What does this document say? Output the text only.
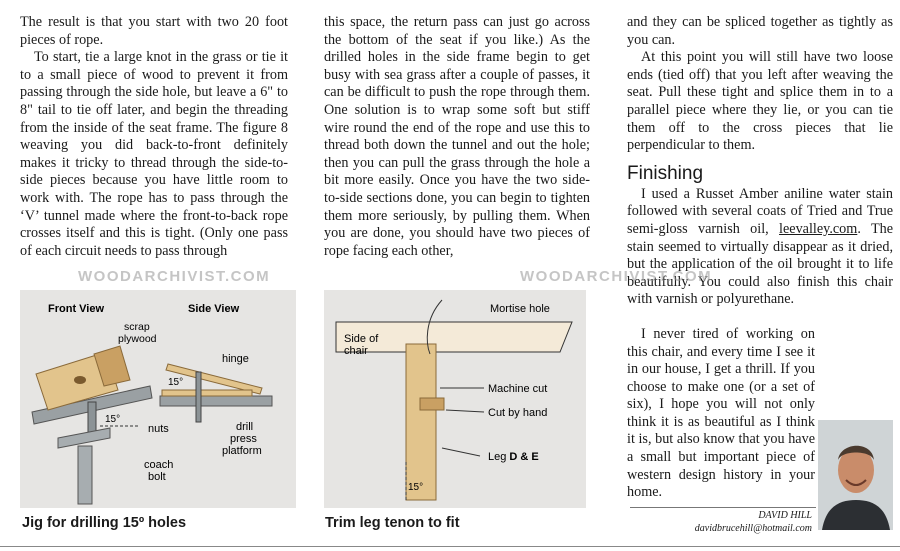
The result is that you start with two 20 foot pieces of rope.

To start, tie a large knot in the grass or tie it to a small piece of wood to prevent it from passing through the side hole, but leave a 6" to 8" tail to tie off later, and begin the threading from the inside of the seat frame. The figure 8 weaving you did back-to-front definitely makes it tricky to thread through the side-to-side pieces because you have little room to work with. The rope has to pass through the ‘V’ tunnel made where the front-to-back rope crosses itself and this is tight. (Only one pass of each circuit needs to pass through

this space, the return pass can just go across the bottom of the seat if you like.) As the drilled holes in the side frame begin to get busy with sea grass after a couple of passes, it can be difficult to push the rope through them. One solution is to wrap some soft but stiff wire round the end of the rope and use this to thread both down the tunnel and out the hole; then you can pull the grass through the hole a bit more easily. Once you have the two side-to-side sections done, you can begin to tighten them more seriously, by pulling them. When you are done, you should have two pieces of rope facing each other,

and they can be spliced together as tightly as you can.

At this point you will still have two loose ends (tied off) that you left after weaving the seat. Pull these tight and splice them in to a parallel piece where they lie, or you can tie them off to the cross pieces that lie perpendicular to them.

Finishing

I used a Russet Amber aniline water stain followed with several coats of Tried and True semi-gloss varnish oil, leevalley.com. The stain seemed to virtually disappear as it dried, but the application of the oil brought it to life beautifully. You could also finish this chair with varnish or polyurethane.

I never tired of working on this chair, and every time I see it in our house, I get a thrill. If you choose to make one (or a set of six), I hope you will not only think it is as beautiful as I think it is, but also know that you have a small but important piece of western design history in your home.

WOODARCHIVIST.COM	WOODARCHIVIST.COM
Front View	Side View
15°
scrap
plywood
15°
hinge
nuts	drill
press
platform
coach
bolt
Jig for drilling 15º holes
Mortise hole
Side of
chair
Machine cut
Cut by hand
Leg D & E
15°
Trim leg tenon to fit	DAVID HILL
davidbrucehill@hotmail.com
